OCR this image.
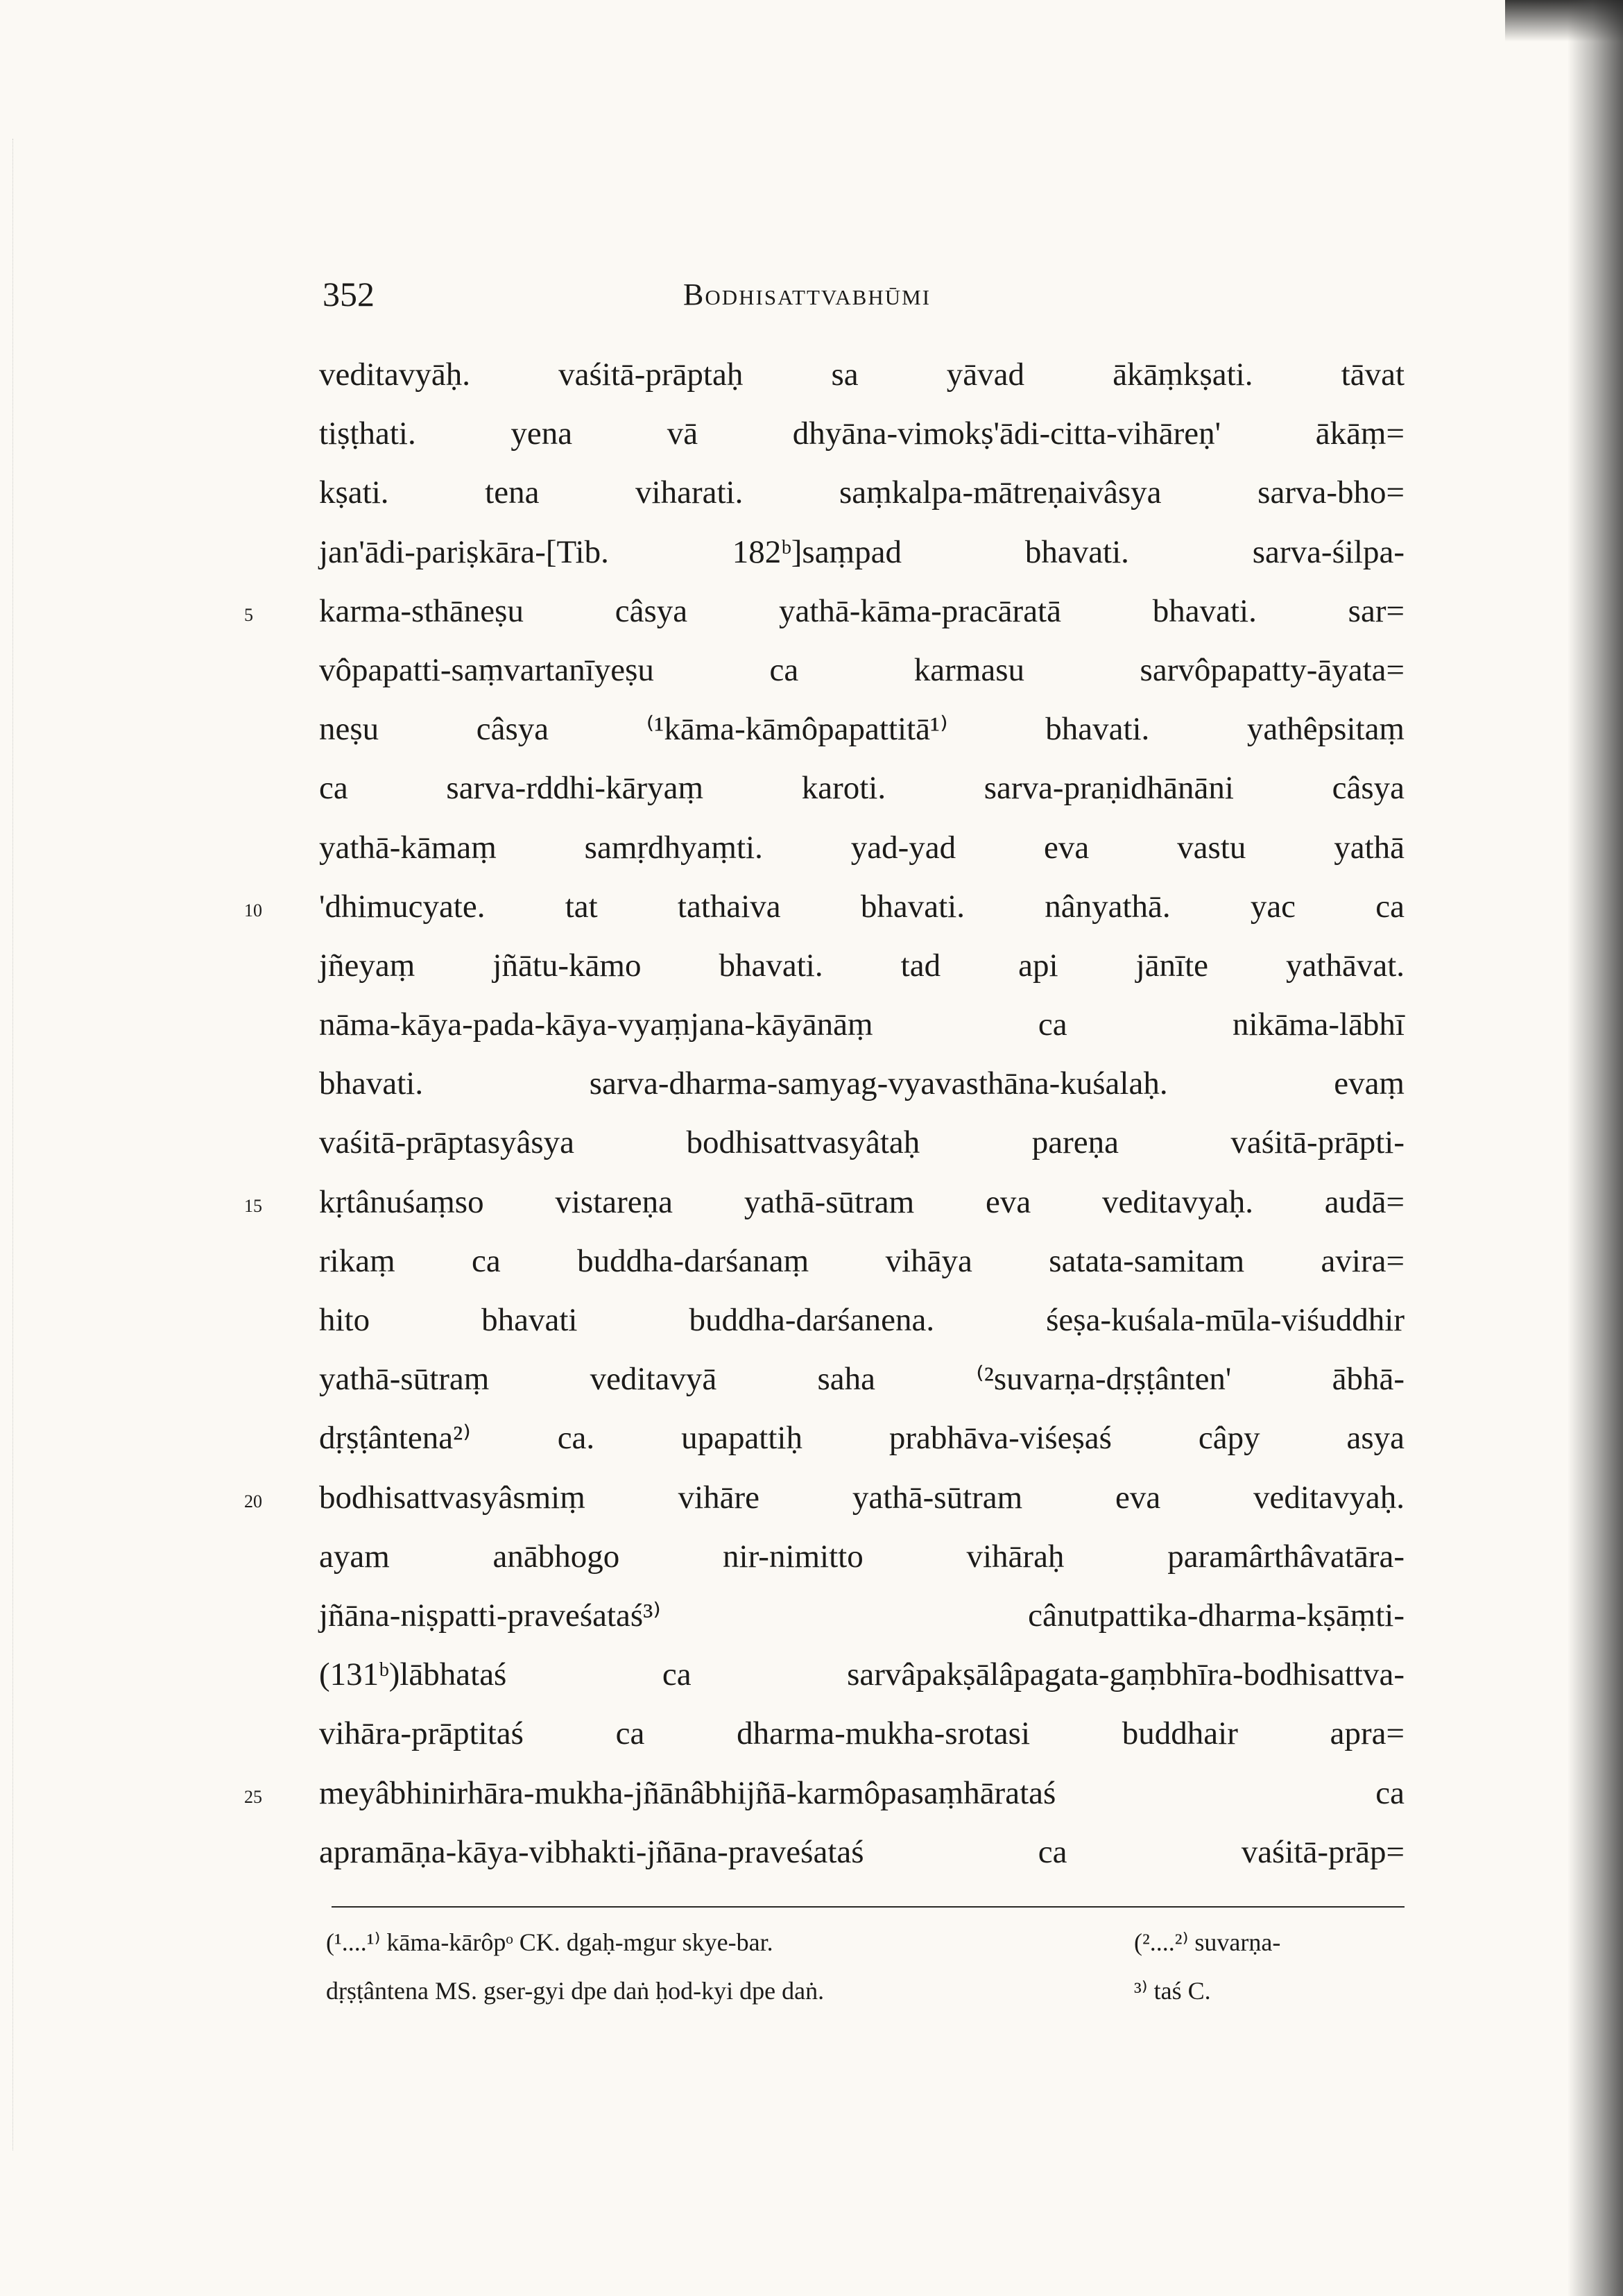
352	Bodhisattvabhūmi
veditavyāḥ. vaśitā-prāptaḥ sa yāvad ākāṃkṣati. tāvat
tiṣṭhati. yena vā dhyāna-vimokṣ'ādi-citta-vihāreṇ' ākāṃ=
kṣati. tena viharati. saṃkalpa-mātreṇaivâsya sarva-bho=
jan'ādi-pariṣkāra-[Tib. 182ᵇ]saṃpad bhavati. sarva-śilpa-
5	karma-sthāneṣu câsya yathā-kāma-pracāratā bhavati. sar=
vôpapatti-saṃvartanīyeṣu ca karmasu sarvôpapatty-āyata=
neṣu câsya ⁽¹kāma-kāmôpapattitā¹⁾ bhavati. yathêpsitaṃ
ca sarva-rddhi-kāryaṃ karoti. sarva-praṇidhānāni câsya
yathā-kāmaṃ samṛdhyaṃti. yad-yad eva vastu yathā
10	'dhimucyate. tat tathaiva bhavati. nânyathā. yac ca
jñeyaṃ jñātu-kāmo bhavati. tad api jānīte yathāvat.
nāma-kāya-pada-kāya-vyaṃjana-kāyānāṃ ca nikāma-lābhī
bhavati. sarva-dharma-samyag-vyavasthāna-kuśalaḥ. evaṃ
vaśitā-prāptasyâsya bodhisattvasyâtaḥ pareṇa vaśitā-prāpti-
15	kṛtânuśaṃso vistareṇa yathā-sūtram eva veditavyaḥ. audā=
rikaṃ ca buddha-darśanaṃ vihāya satata-samitam avira=
hito bhavati buddha-darśanena. śeṣa-kuśala-mūla-viśuddhir
yathā-sūtraṃ veditavyā saha ⁽²suvarṇa-dṛṣṭânten' ābhā-
dṛṣṭântena²⁾ ca. upapattiḥ prabhāva-viśeṣaś câpy asya
20	bodhisattvasyâsmiṃ vihāre yathā-sūtram eva veditavyaḥ.
ayam anābhogo nir-nimitto vihāraḥ paramârthâvatāra-
jñāna-niṣpatti-praveśataś³⁾ cânutpattika-dharma-kṣāṃti-
(131ᵇ)lābhataś ca sarvâpakṣālâpagata-gaṃbhīra-bodhisattva-
vihāra-prāptitaś ca dharma-mukha-srotasi buddhair apra=
25	meyâbhinirhāra-mukha-jñānâbhijñā-karmôpasaṃhārataś ca
apramāṇa-kāya-vibhakti-jñāna-praveśataś ca vaśitā-prāp=
(¹....¹⁾ kāma-kārôpᵒ CK. dgaḥ-mgur skye-bar.	(²....²⁾ suvarṇa-
dṛṣṭântena MS. gser-gyi dpe daṅ ḥod-kyi dpe daṅ.	³⁾ taś C.
